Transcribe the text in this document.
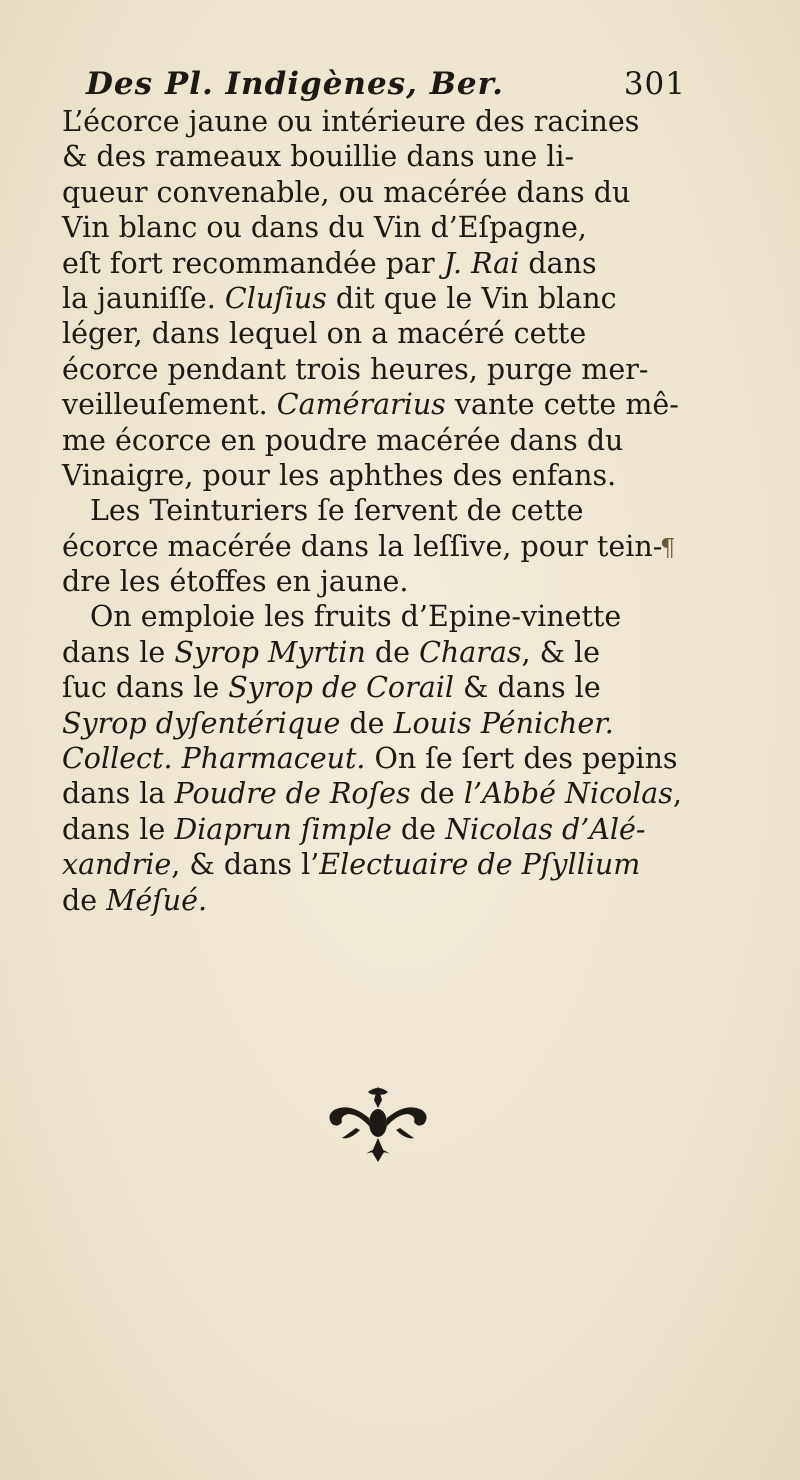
Des Pl. Indigènes, Ber.	301
L’écorce jaune ou intérieure des racines
& des rameaux bouillie dans une li-
queur convenable, ou macérée dans du
Vin blanc ou dans du Vin d’Eſpagne,
eſt fort recommandée par J. Rai dans
la jauniſſe. Cluſius dit que le Vin blanc
léger, dans lequel on a macéré cette
écorce pendant trois heures, purge mer-
veilleuſement. Camérarius vante cette mê-
me écorce en poudre macérée dans du
Vinaigre, pour les aphthes des enfans.
Les Teinturiers ſe ſervent de cette
écorce macérée dans la leſſive, pour tein-
dre les étoffes en jaune.
On emploie les fruits d’Epine-vinette
dans le Syrop Myrtin de Charas, & le
ſuc dans le Syrop de Corail & dans le
Syrop dyſentérique de Louis Pénicher.
Collect. Pharmaceut. On ſe ſert des pepins
dans la Poudre de Roſes de l’Abbé Nicolas,
dans le Diaprun ſimple de Nicolas d’Alé-
xandrie, & dans l’Electuaire de Pſyllium
de Méſué.
¶
